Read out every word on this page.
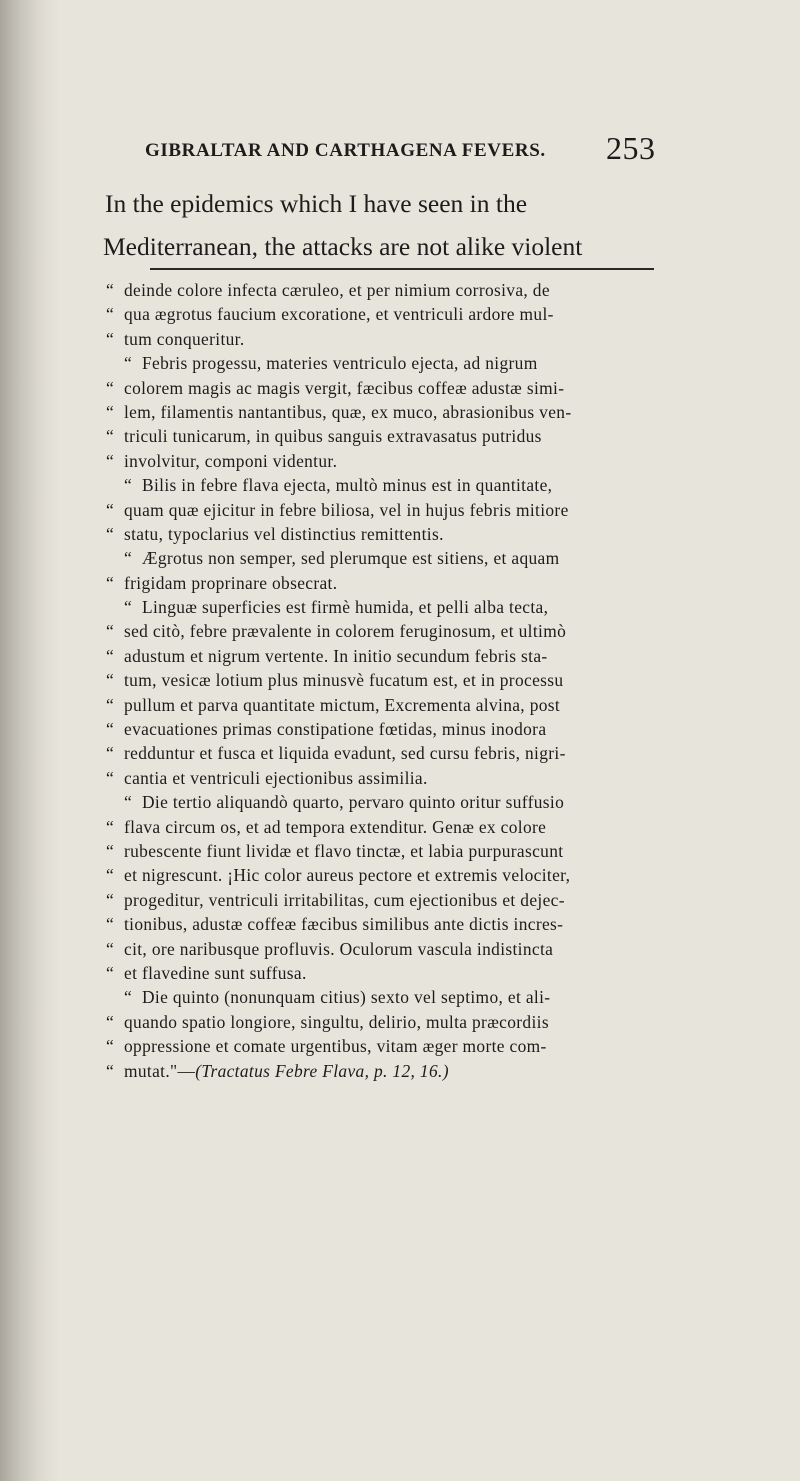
GIBRALTAR AND CARTHAGENA FEVERS.	253
In the epidemics which I have seen in the
Mediterranean, the attacks are not alike violent
“ deinde colore infecta cæruleo, et per nimium corrosiva, de
“ qua ægrotus faucium excoratione, et ventriculi ardore mul-
“ tum conqueritur.
“ Febris progessu, materies ventriculo ejecta, ad nigrum
“ colorem magis ac magis vergit, fæcibus coffeæ adustæ simi-
“ lem, filamentis nantantibus, quæ, ex muco, abrasionibus ven-
“ triculi tunicarum, in quibus sanguis extravasatus putridus
“ involvitur, componi videntur.
“ Bilis in febre flava ejecta, multò minus est in quantitate,
“ quam quæ ejicitur in febre biliosa, vel in hujus febris mitiore
“ statu, typoclarius vel distinctius remittentis.
“ Ægrotus non semper, sed plerumque est sitiens, et aquam
“ frigidam proprinare obsecrat.
“ Linguæ superficies est firmè humida, et pelli alba tecta,
“ sed citò, febre prævalente in colorem feruginosum, et ultimò
“ adustum et nigrum vertente. In initio secundum febris sta-
“ tum, vesicæ lotium plus minusvè fucatum est, et in processu
“ pullum et parva quantitate mictum, Excrementa alvina, post
“ evacuationes primas constipatione fœtidas, minus inodora
“ redduntur et fusca et liquida evadunt, sed cursu febris, nigri-
“ cantia et ventriculi ejectionibus assimilia.
“ Die tertio aliquandò quarto, pervaro quinto oritur suffusio
“ flava circum os, et ad tempora extenditur. Genæ ex colore
“ rubescente fiunt lividæ et flavo tinctæ, et labia purpurascunt
“ et nigrescunt. ¡Hic color aureus pectore et extremis velociter,
“ progeditur, ventriculi irritabilitas, cum ejectionibus et dejec-
“ tionibus, adustæ coffeæ fæcibus similibus ante dictis incres-
“ cit, ore naribusque profluvis. Oculorum vascula indistincta
“ et flavedine sunt suffusa.
“ Die quinto (nonunquam citius) sexto vel septimo, et ali-
“ quando spatio longiore, singultu, delirio, multa præcordiis
“ oppressione et comate urgentibus, vitam æger morte com-
“ mutat."—(Tractatus Febre Flava, p. 12, 16.)
